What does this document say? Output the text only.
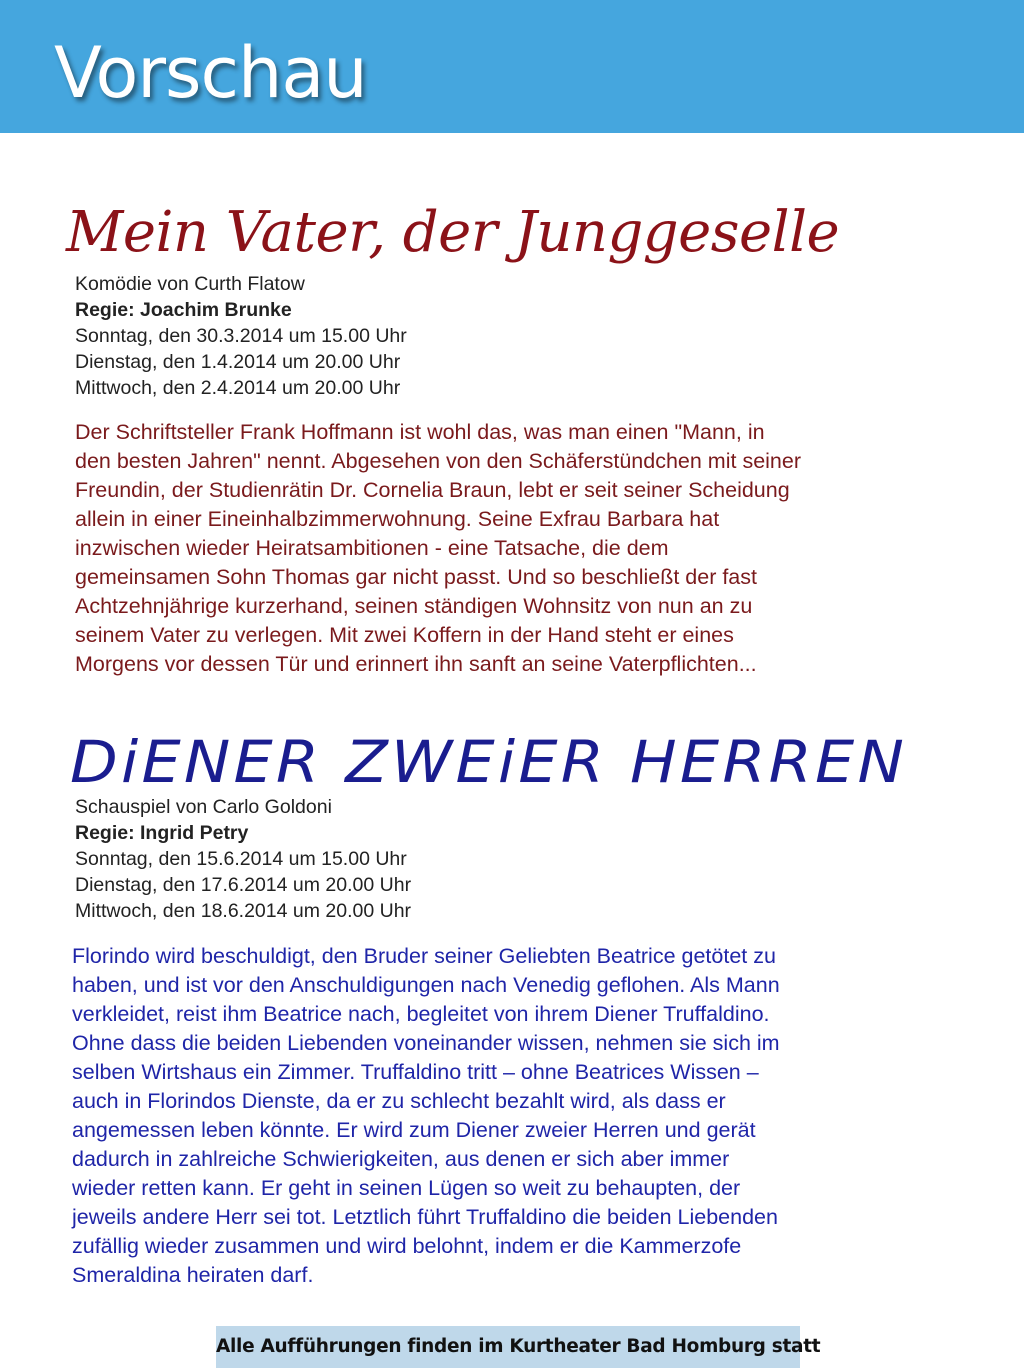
Vorschau
Mein Vater, der Junggeselle
Komödie von Curth Flatow
Regie: Joachim Brunke
Sonntag, den 30.3.2014 um 15.00 Uhr
Dienstag, den 1.4.2014 um 20.00 Uhr
Mittwoch, den 2.4.2014 um 20.00 Uhr
Der Schriftsteller Frank Hoffmann ist wohl das, was man einen "Mann, in
den besten Jahren" nennt. Abgesehen von den Schäferstündchen mit seiner
Freundin, der Studienrätin Dr. Cornelia Braun, lebt er seit seiner Scheidung
allein in einer Eineinhalbzimmerwohnung. Seine Exfrau Barbara hat
inzwischen wieder Heiratsambitionen - eine Tatsache, die dem
gemeinsamen Sohn Thomas gar nicht passt. Und so beschließt der fast
Achtzehnjährige kurzerhand, seinen ständigen Wohnsitz von nun an zu
seinem Vater zu verlegen. Mit zwei Koffern in der Hand steht er eines
Morgens vor dessen Tür und erinnert ihn sanft an seine Vaterpflichten...
DiENER ZWEiER HERREN
Schauspiel von Carlo Goldoni
Regie: Ingrid Petry
Sonntag, den 15.6.2014 um 15.00 Uhr
Dienstag, den 17.6.2014 um 20.00 Uhr
Mittwoch, den 18.6.2014 um 20.00 Uhr
Florindo wird beschuldigt, den Bruder seiner Geliebten Beatrice getötet zu
haben, und ist vor den Anschuldigungen nach Venedig geflohen. Als Mann
verkleidet, reist ihm Beatrice nach, begleitet von ihrem Diener Truffaldino.
Ohne dass die beiden Liebenden voneinander wissen, nehmen sie sich im
selben Wirtshaus ein Zimmer. Truffaldino tritt – ohne Beatrices Wissen –
auch in Florindos Dienste, da er zu schlecht bezahlt wird, als dass er
angemessen leben könnte. Er wird zum Diener zweier Herren und gerät
dadurch in zahlreiche Schwierigkeiten, aus denen er sich aber immer
wieder retten kann. Er geht in seinen Lügen so weit zu behaupten, der
jeweils andere Herr sei tot. Letztlich führt Truffaldino die beiden Liebenden
zufällig wieder zusammen und wird belohnt, indem er die Kammerzofe
Smeraldina heiraten darf.
Alle Aufführungen finden im Kurtheater Bad Homburg statt
